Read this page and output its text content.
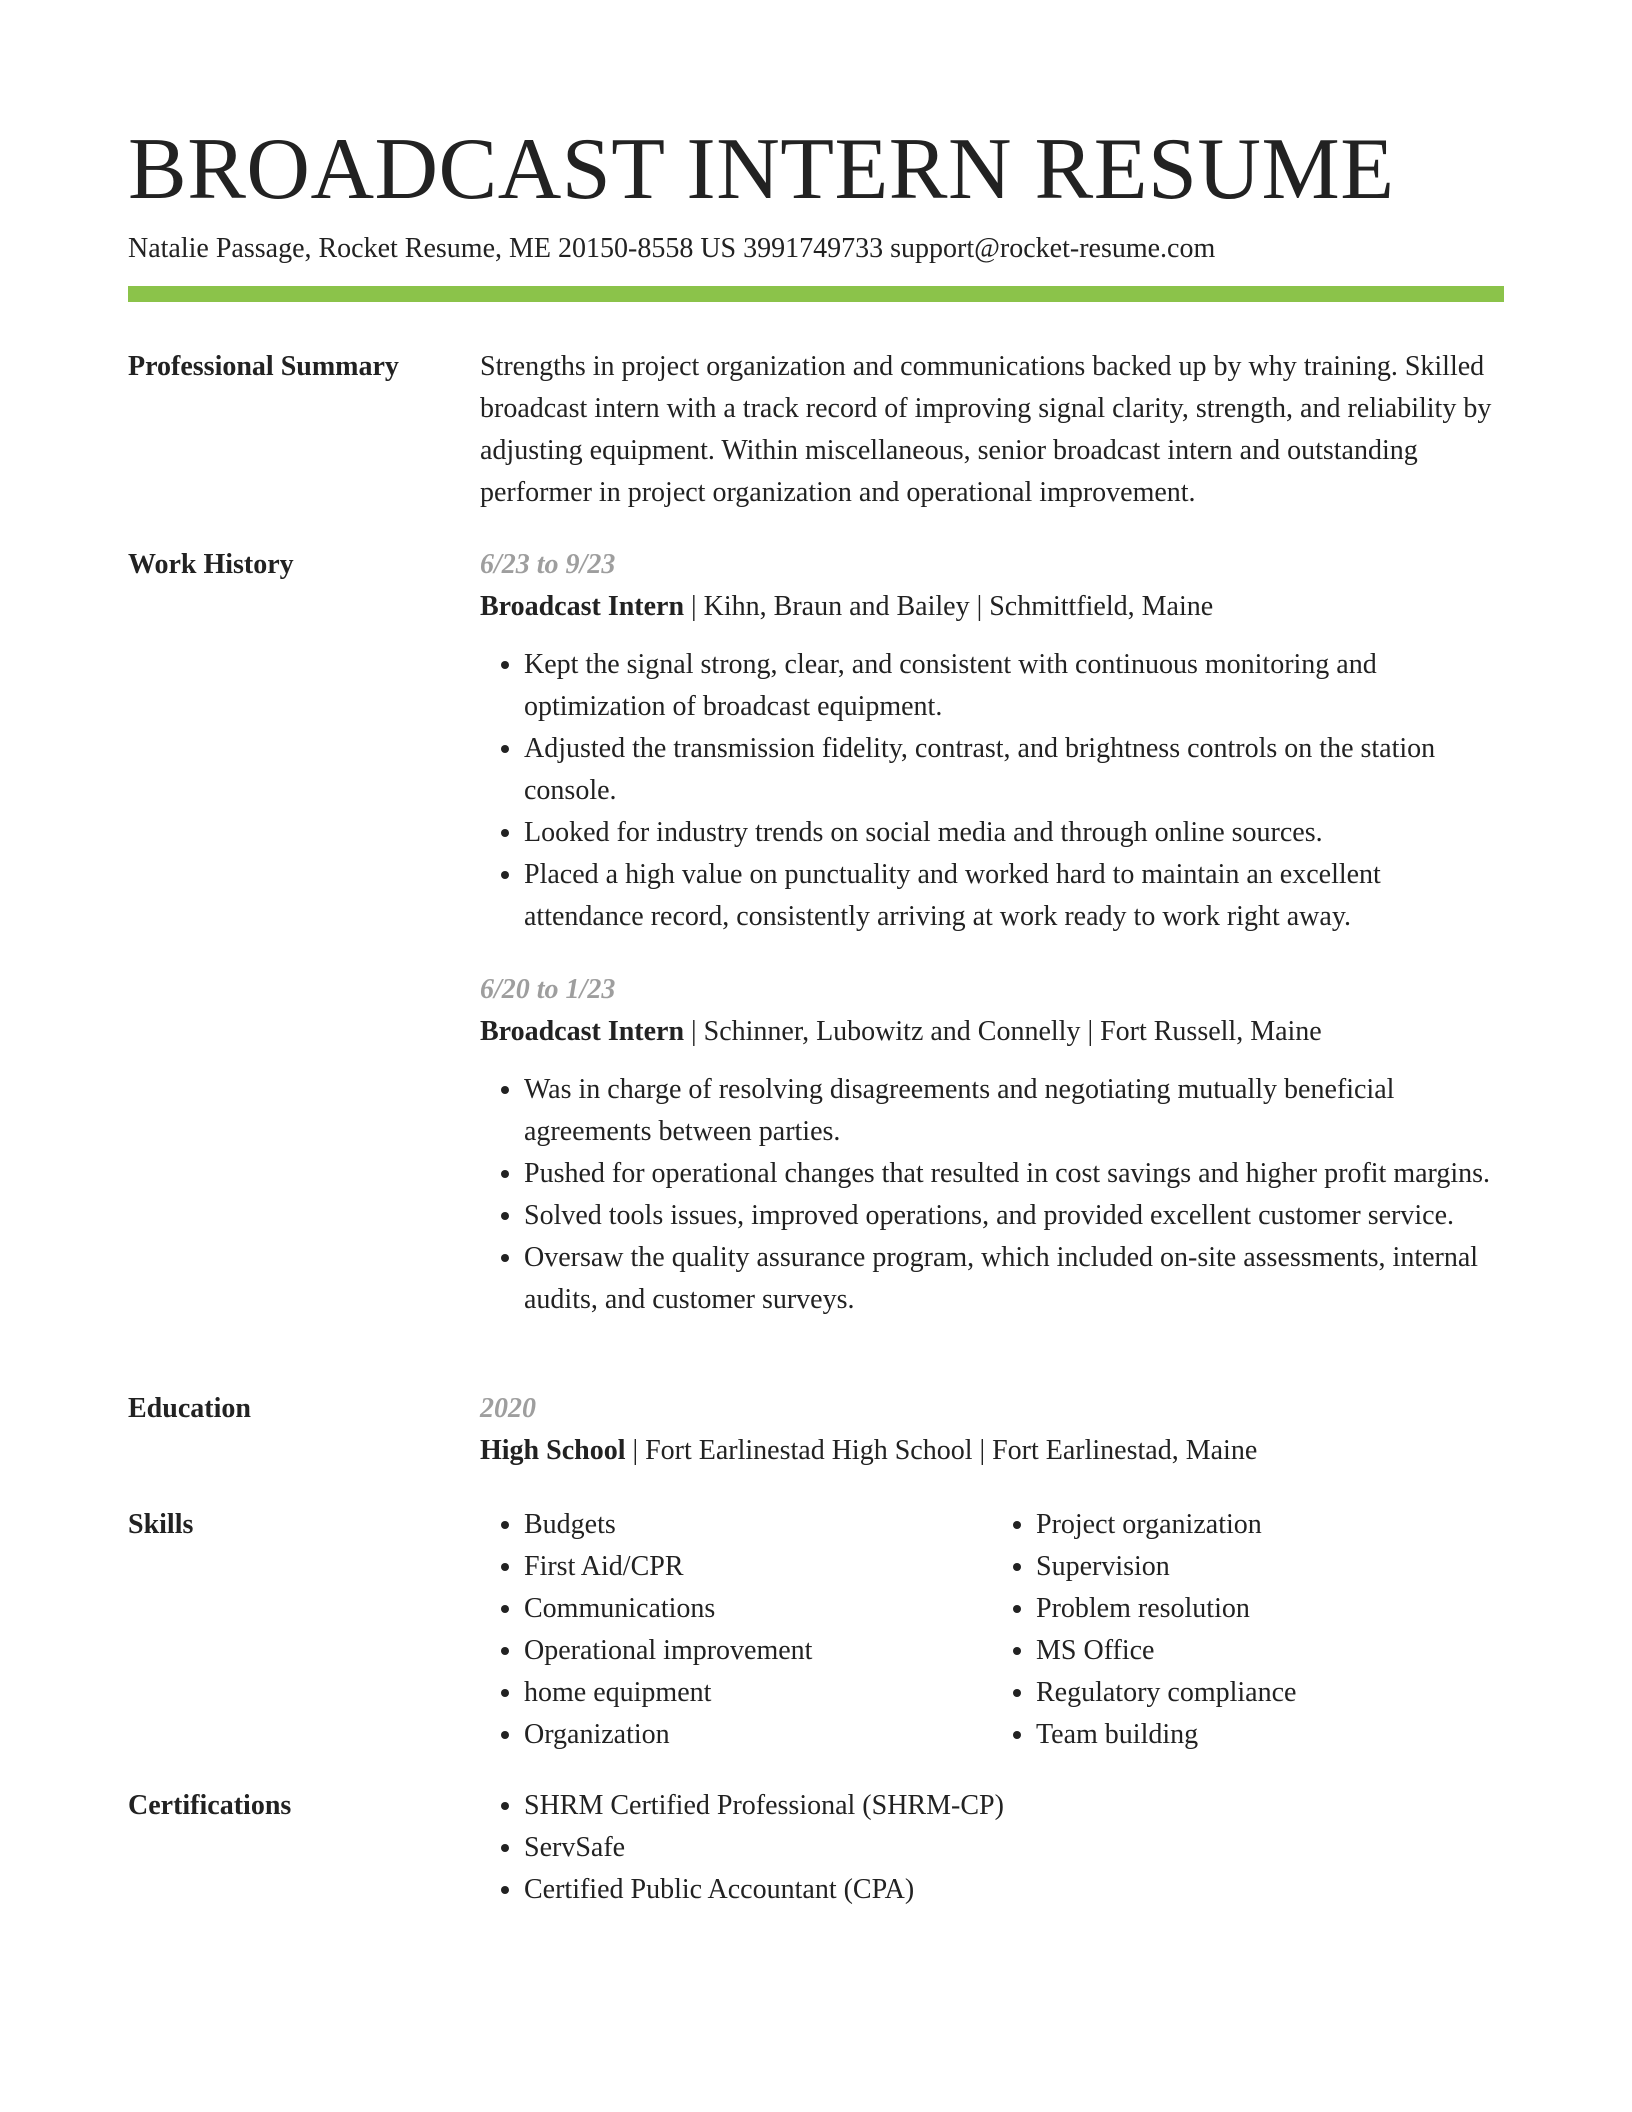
BROADCAST INTERN RESUME
Natalie Passage, Rocket Resume, ME 20150-8558 US 3991749733 support@rocket-resume.com
Professional Summary	Strengths in project organization and communications backed up by why training. Skilled broadcast intern with a track record of improving signal clarity, strength, and reliability by adjusting equipment. Within miscellaneous, senior broadcast intern and outstanding performer in project organization and operational improvement.

Work History	6/23 to 9/23
Broadcast Intern | Kihn, Braun and Bailey | Schmittfield, Maine
• Kept the signal strong, clear, and consistent with continuous monitoring and optimization of broadcast equipment.
• Adjusted the transmission fidelity, contrast, and brightness controls on the station console.
• Looked for industry trends on social media and through online sources.
• Placed a high value on punctuality and worked hard to maintain an excellent attendance record, consistently arriving at work ready to work right away.
6/20 to 1/23
Broadcast Intern | Schinner, Lubowitz and Connelly | Fort Russell, Maine
• Was in charge of resolving disagreements and negotiating mutually beneficial agreements between parties.
• Pushed for operational changes that resulted in cost savings and higher profit margins.
• Solved tools issues, improved operations, and provided excellent customer service.
• Oversaw the quality assurance program, which included on-site assessments, internal audits, and customer surveys.
Education	2020
High School | Fort Earlinestad High School | Fort Earlinestad, Maine
Skills	• Budgets
• First Aid/CPR
• Communications
• Operational improvement
• home equipment
• Organization
• Project organization
• Supervision
• Problem resolution
• MS Office
• Regulatory compliance
• Team building
Certifications	• SHRM Certified Professional (SHRM-CP)
• ServSafe
• Certified Public Accountant (CPA)
